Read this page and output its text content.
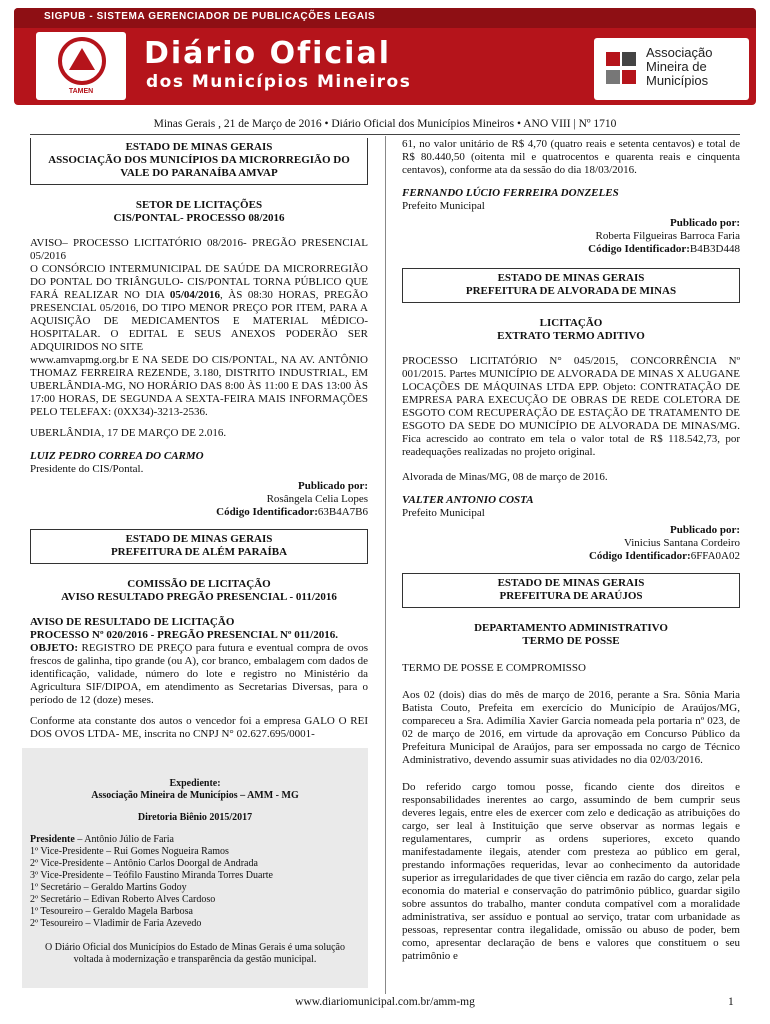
SIGPUB - SISTEMA GERENCIADOR DE PUBLICAÇÕES LEGAIS
TAMEN
Diário Oficial
dos Municípios Mineiros
Associação
Mineira de
Municípios
Minas Gerais , 21 de Março de 2016 • Diário Oficial dos Municípios Mineiros • ANO VIII | Nº 1710
ESTADO DE MINAS GERAIS
ASSOCIAÇÃO DOS MUNICÍPIOS DA MICRORREGIÃO DO VALE DO PARANAÍBA AMVAP
SETOR DE LICITAÇÕES
CIS/PONTAL- PROCESSO 08/2016
AVISO– PROCESSO LICITATÓRIO 08/2016- PREGÃO PRESENCIAL 05/2016
O CONSÓRCIO INTERMUNICIPAL DE SAÚDE DA MICRORREGIÃO DO PONTAL DO TRIÂNGULO- CIS/PONTAL TORNA PÚBLICO QUE FARÁ REALIZAR NO DIA 05/04/2016, ÀS 08:30 HORAS, PREGÃO PRESENCIAL 05/2016, DO TIPO MENOR PREÇO POR ITEM, PARA A AQUISIÇÃO DE MEDICAMENTOS E MATERIAL MÉDICO-HOSPITALAR. O EDITAL E SEUS ANEXOS PODERÃO SER ADQUIRIDOS NO SITE
www.amvapmg.org.br E NA SEDE DO CIS/PONTAL, NA AV. ANTÔNIO THOMAZ FERREIRA REZENDE, 3.180, DISTRITO INDUSTRIAL, EM UBERLÂNDIA-MG, NO HORÁRIO DAS 8:00 ÀS 11:00 E DAS 13:00 ÀS 17:00 HORAS, DE SEGUNDA A SEXTA-FEIRA MAIS INFORMAÇÕES PELO TELEFAX: (0XX34)-3213-2536.
UBERLÂNDIA, 17 DE MARÇO DE 2.016.
LUIZ PEDRO CORREA DO CARMO
Presidente do CIS/Pontal.
Publicado por:
Rosângela Celia Lopes
Código Identificador:63B4A7B6
ESTADO DE MINAS GERAIS
PREFEITURA DE ALÉM PARAÍBA
COMISSÃO DE LICITAÇÃO
AVISO RESULTADO PREGÃO PRESENCIAL - 011/2016
AVISO DE RESULTADO DE LICITAÇÃO
PROCESSO Nº 020/2016 - PREGÃO PRESENCIAL Nº 011/2016.
OBJETO: REGISTRO DE PREÇO para futura e eventual compra de ovos frescos de galinha, tipo grande (ou A), cor branco, embalagem com dados de identificação, validade, número do lote e registro no Ministério da Agricultura SIF/DIPOA, em atendimento as Secretarias Diversas, para o período de 12 (doze) meses.
Conforme ata constante dos autos o vencedor foi a empresa GALO O REI DOS OVOS LTDA- ME, inscrita no CNPJ N° 02.627.695/0001-
Expediente:
Associação Mineira de Municípios – AMM - MG
Diretoria Biênio 2015/2017
Presidente – Antônio Júlio de Faria
1º Vice-Presidente – Rui Gomes Nogueira Ramos
2º Vice-Presidente – Antônio Carlos Doorgal de Andrada
3º Vice-Presidente – Teófilo Faustino Miranda Torres Duarte
1º Secretário – Geraldo Martins Godoy
2º Secretário – Edivan Roberto Alves Cardoso
1º Tesoureiro – Geraldo Magela Barbosa
2º Tesoureiro – Vladimir de Faria Azevedo
O Diário Oficial dos Municípios do Estado de Minas Gerais é uma solução voltada à modernização e transparência da gestão municipal.
61, no valor unitário de R$ 4,70 (quatro reais e setenta centavos) e total de R$ 80.440,50 (oitenta mil e quatrocentos e quarenta reais e cinquenta centavos), conforme ata da sessão do dia 18/03/2016.
FERNANDO LÚCIO FERREIRA DONZELES
Prefeito Municipal
Publicado por:
Roberta Filgueiras Barroca Faria
Código Identificador:B4B3D448
ESTADO DE MINAS GERAIS
PREFEITURA DE ALVORADA DE MINAS
LICITAÇÃO
EXTRATO TERMO ADITIVO
PROCESSO LICITATÓRIO N° 045/2015, CONCORRÊNCIA Nº 001/2015. Partes MUNICÍPIO DE ALVORADA DE MINAS X ALUGANE LOCAÇÕES DE MÁQUINAS LTDA EPP. Objeto: CONTRATAÇÃO DE EMPRESA PARA EXECUÇÃO DE OBRAS DE REDE COLETORA DE ESGOTO COM RECUPERAÇÃO DE ESTAÇÃO DE TRATAMENTO DE ESGOTO DA SEDE DO MUNICÍPIO DE ALVORADA DE MINAS/MG. Fica acrescido ao contrato em tela o valor total de R$ 118.542,73, por readequações realizadas no projeto original.
Alvorada de Minas/MG, 08 de março de 2016.
VALTER ANTONIO COSTA
Prefeito Municipal
Publicado por:
Vinicius Santana Cordeiro
Código Identificador:6FFA0A02
ESTADO DE MINAS GERAIS
PREFEITURA DE ARAÚJOS
DEPARTAMENTO ADMINISTRATIVO
TERMO DE POSSE
TERMO DE POSSE E COMPROMISSO
Aos 02 (dois) dias do mês de março de 2016, perante a Sra. Sônia Maria Batista Couto, Prefeita em exercício do Município de Araújos/MG, compareceu a Sra. Adimília Xavier Garcia nomeada pela portaria nº 023, de 02 de março de 2016, em virtude da aprovação em Concurso Público da Prefeitura Municipal de Araújos, para ser empossada no cargo de Técnico Administrativo, devendo assumir suas atividades no dia 02/03/2016.
Do referido cargo tomou posse, ficando ciente dos direitos e responsabilidades inerentes ao cargo, assumindo de bem cumprir seus deveres legais, entre eles de exercer com zelo e dedicação as atribuições do cargo, ser leal à Instituição que serve observar as normas legais e regulamentares, cumprir as ordens superiores, exceto quando manifestadamente ilegais, atender com presteza ao público em geral, prestando informações requeridas, levar ao conhecimento da autoridade superior as irregularidades de que tiver ciência em razão do cargo, zelar pela economia do material e conservação do patrimônio público, guardar sigilo sobre assuntos do trabalho, manter conduta compatível com a moralidade administrativa, ser assíduo e pontual ao serviço, tratar com urbanidade as pessoas, representar contra ilegalidade, omissão ou abuso de poder, bem como, apresentar declaração de bens e valores que constituem o seu patrimônio e
www.diariomunicipal.com.br/amm-mg	1
